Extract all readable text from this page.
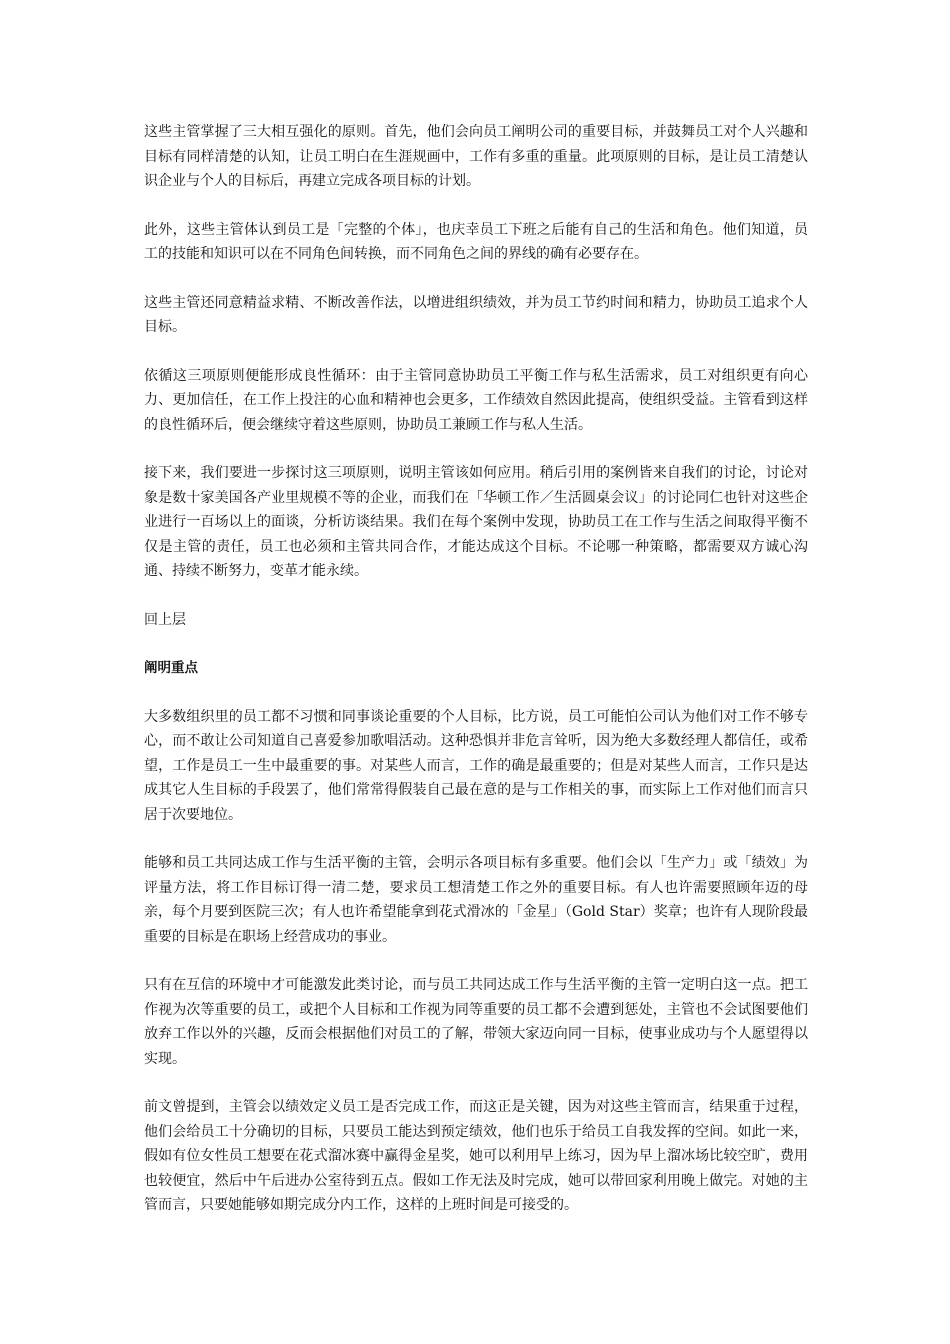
这些主管掌握了三大相互强化的原则。首先，他们会向员工阐明公司的重要目标，并鼓舞员工对个人兴趣和目标有同样清楚的认知，让员工明白在生涯规画中，工作有多重的重量。此项原则的目标，是让员工清楚认识企业与个人的目标后，再建立完成各项目标的计划。

此外，这些主管体认到员工是「完整的个体」，也庆幸员工下班之后能有自己的生活和角色。他们知道，员工的技能和知识可以在不同角色间转换，而不同角色之间的界线的确有必要存在。

这些主管还同意精益求精、不断改善作法，以增进组织绩效，并为员工节约时间和精力，协助员工追求个人目标。

依循这三项原则便能形成良性循环：由于主管同意协助员工平衡工作与私生活需求，员工对组织更有向心力、更加信任，在工作上投注的心血和精神也会更多，工作绩效自然因此提高，使组织受益。主管看到这样的良性循环后，便会继续守着这些原则，协助员工兼顾工作与私人生活。

接下来，我们要进一步探讨这三项原则，说明主管该如何应用。稍后引用的案例皆来自我们的讨论，讨论对象是数十家美国各产业里规模不等的企业，而我们在「华顿工作／生活圆桌会议」的讨论同仁也针对这些企业进行一百场以上的面谈，分析访谈结果。我们在每个案例中发现，协助员工在工作与生活之间取得平衡不仅是主管的责任，员工也必须和主管共同合作，才能达成这个目标。不论哪一种策略，都需要双方诚心沟通、持续不断努力，变革才能永续。

回上层
阐明重点

大多数组织里的员工都不习惯和同事谈论重要的个人目标，比方说，员工可能怕公司认为他们对工作不够专心，而不敢让公司知道自己喜爱参加歌唱活动。这种恐惧并非危言耸听，因为绝大多数经理人都信任，或希望，工作是员工一生中最重要的事。对某些人而言，工作的确是最重要的；但是对某些人而言，工作只是达成其它人生目标的手段罢了，他们常常得假装自己最在意的是与工作相关的事，而实际上工作对他们而言只居于次要地位。

能够和员工共同达成工作与生活平衡的主管，会明示各项目标有多重要。他们会以「生产力」或「绩效」为评量方法，将工作目标订得一清二楚，要求员工想清楚工作之外的重要目标。有人也许需要照顾年迈的母亲，每个月要到医院三次；有人也许希望能拿到花式滑冰的「金星」（Gold Star）奖章；也许有人现阶段最重要的目标是在职场上经营成功的事业。

只有在互信的环境中才可能激发此类讨论，而与员工共同达成工作与生活平衡的主管一定明白这一点。把工作视为次等重要的员工，或把个人目标和工作视为同等重要的员工都不会遭到惩处，主管也不会试图要他们放弃工作以外的兴趣，反而会根据他们对员工的了解，带领大家迈向同一目标，使事业成功与个人愿望得以实现。

前文曾提到，主管会以绩效定义员工是否完成工作，而这正是关键，因为对这些主管而言，结果重于过程，他们会给员工十分确切的目标，只要员工能达到预定绩效，他们也乐于给员工自我发挥的空间。如此一来，假如有位女性员工想要在花式溜冰赛中赢得金星奖，她可以利用早上练习，因为早上溜冰场比较空旷，费用也较便宜，然后中午后进办公室待到五点。假如工作无法及时完成，她可以带回家利用晚上做完。对她的主管而言，只要她能够如期完成分内工作，这样的上班时间是可接受的。
